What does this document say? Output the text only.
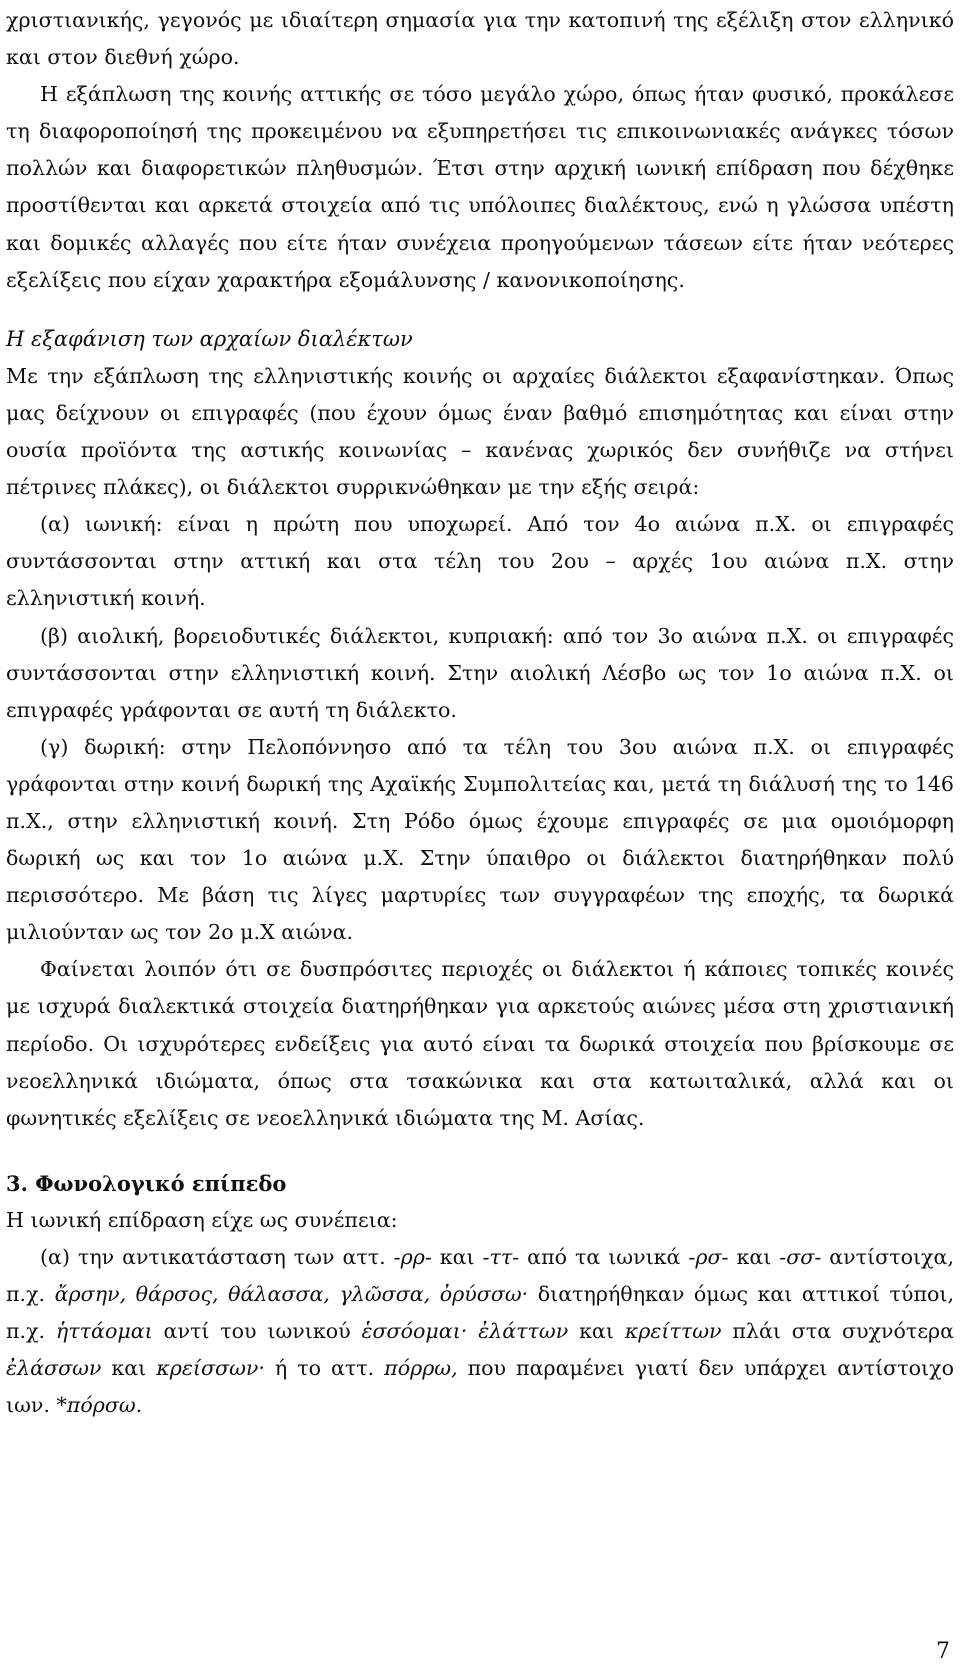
χριστιανικής, γεγονός με ιδιαίτερη σημασία για την κατοπινή της εξέλιξη στον ελληνικό και στον διεθνή χώρο.

Η εξάπλωση της κοινής αττικής σε τόσο μεγάλο χώρο, όπως ήταν φυσικό, προκάλεσε τη διαφοροποίησή της προκειμένου να εξυπηρετήσει τις επικοινωνιακές ανάγκες τόσων πολλών και διαφορετικών πληθυσμών. Έτσι στην αρχική ιωνική επίδραση που δέχθηκε προστίθενται και αρκετά στοιχεία από τις υπόλοιπες διαλέκτους, ενώ η γλώσσα υπέστη και δομικές αλλαγές που είτε ήταν συνέχεια προηγούμενων τάσεων είτε ήταν νεότερες εξελίξεις που είχαν χαρακτήρα εξομάλυνσης / κανονικοποίησης.

Η εξαφάνιση των αρχαίων διαλέκτων

Με την εξάπλωση της ελληνιστικής κοινής οι αρχαίες διάλεκτοι εξαφανίστηκαν. Όπως μας δείχνουν οι επιγραφές (που έχουν όμως έναν βαθμό επισημότητας και είναι στην ουσία προϊόντα της αστικής κοινωνίας – κανένας χωρικός δεν συνήθιζε να στήνει πέτρινες πλάκες), οι διάλεκτοι συρρικνώθηκαν με την εξής σειρά:

(α) ιωνική: είναι η πρώτη που υποχωρεί. Από τον 4ο αιώνα π.Χ. οι επιγραφές συντάσσονται στην αττική και στα τέλη του 2ου – αρχές 1ου αιώνα π.Χ. στην ελληνιστική κοινή.

(β) αιολική, βορειοδυτικές διάλεκτοι, κυπριακή: από τον 3ο αιώνα π.Χ. οι επιγραφές συντάσσονται στην ελληνιστική κοινή. Στην αιολική Λέσβο ως τον 1ο αιώνα π.Χ. οι επιγραφές γράφονται σε αυτή τη διάλεκτο.

(γ) δωρική: στην Πελοπόννησο από τα τέλη του 3ου αιώνα π.Χ. οι επιγραφές γράφονται στην κοινή δωρική της Αχαϊκής Συμπολιτείας και, μετά τη διάλυσή της το 146 π.Χ., στην ελληνιστική κοινή. Στη Ρόδο όμως έχουμε επιγραφές σε μια ομοιόμορφη δωρική ως και τον 1ο αιώνα μ.Χ. Στην ύπαιθρο οι διάλεκτοι διατηρήθηκαν πολύ περισσότερο. Με βάση τις λίγες μαρτυρίες των συγγραφέων της εποχής, τα δωρικά μιλιούνταν ως τον 2ο μ.Χ αιώνα.

Φαίνεται λοιπόν ότι σε δυσπρόσιτες περιοχές οι διάλεκτοι ή κάποιες τοπικές κοινές με ισχυρά διαλεκτικά στοιχεία διατηρήθηκαν για αρκετούς αιώνες μέσα στη χριστιανική περίοδο. Οι ισχυρότερες ενδείξεις για αυτό είναι τα δωρικά στοιχεία που βρίσκουμε σε νεοελληνικά ιδιώματα, όπως στα τσακώνικα και στα κατωιταλικά, αλλά και οι φωνητικές εξελίξεις σε νεοελληνικά ιδιώματα της Μ. Ασίας.

3. Φωνολογικό επίπεδο

Η ιωνική επίδραση είχε ως συνέπεια:

(α) την αντικατάσταση των αττ. -ρρ- και -ττ- από τα ιωνικά -ρσ- και -σσ- αντίστοιχα, π.χ. ἄρσην, θάρσος, θάλασσα, γλῶσσα, ὀρύσσω· διατηρήθηκαν όμως και αττικοί τύποι, π.χ. ἡττάομαι αντί του ιωνικού ἑσσόομαι· ἐλάττων και κρείττων πλάι στα συχνότερα ἐλάσσων και κρείσσων· ή το αττ. πόρρω, που παραμένει γιατί δεν υπάρχει αντίστοιχο ιων. *πόρσω.

7
